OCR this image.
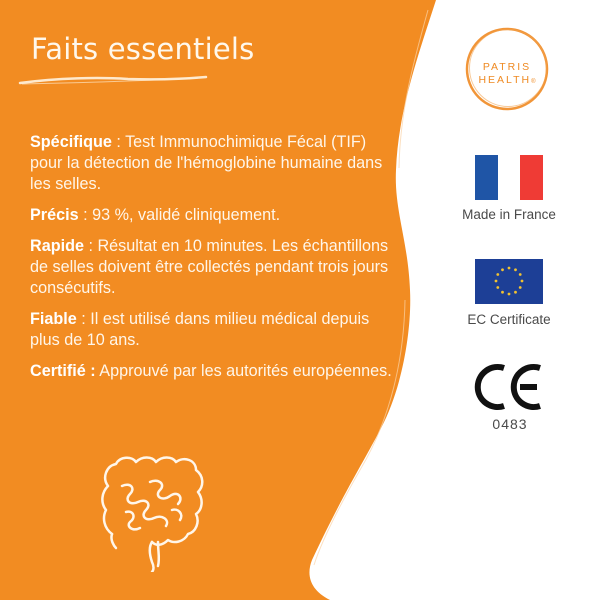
Faits essentiels

Spécifique : Test Immunochimique Fécal (TIF) pour la détection de l'hémoglobine humaine dans les selles.

Précis : 93 %, validé cliniquement.

Rapide : Résultat en 10 minutes. Les échantillons de selles doivent être collectés pendant trois jours consécutifs.

Fiable : Il est utilisé dans milieu médical depuis plus de 10 ans.

Certifié : Approuvé par les autorités européennes.

PATRIS
HEALTH®
Made in France
EC Certificate
0483
